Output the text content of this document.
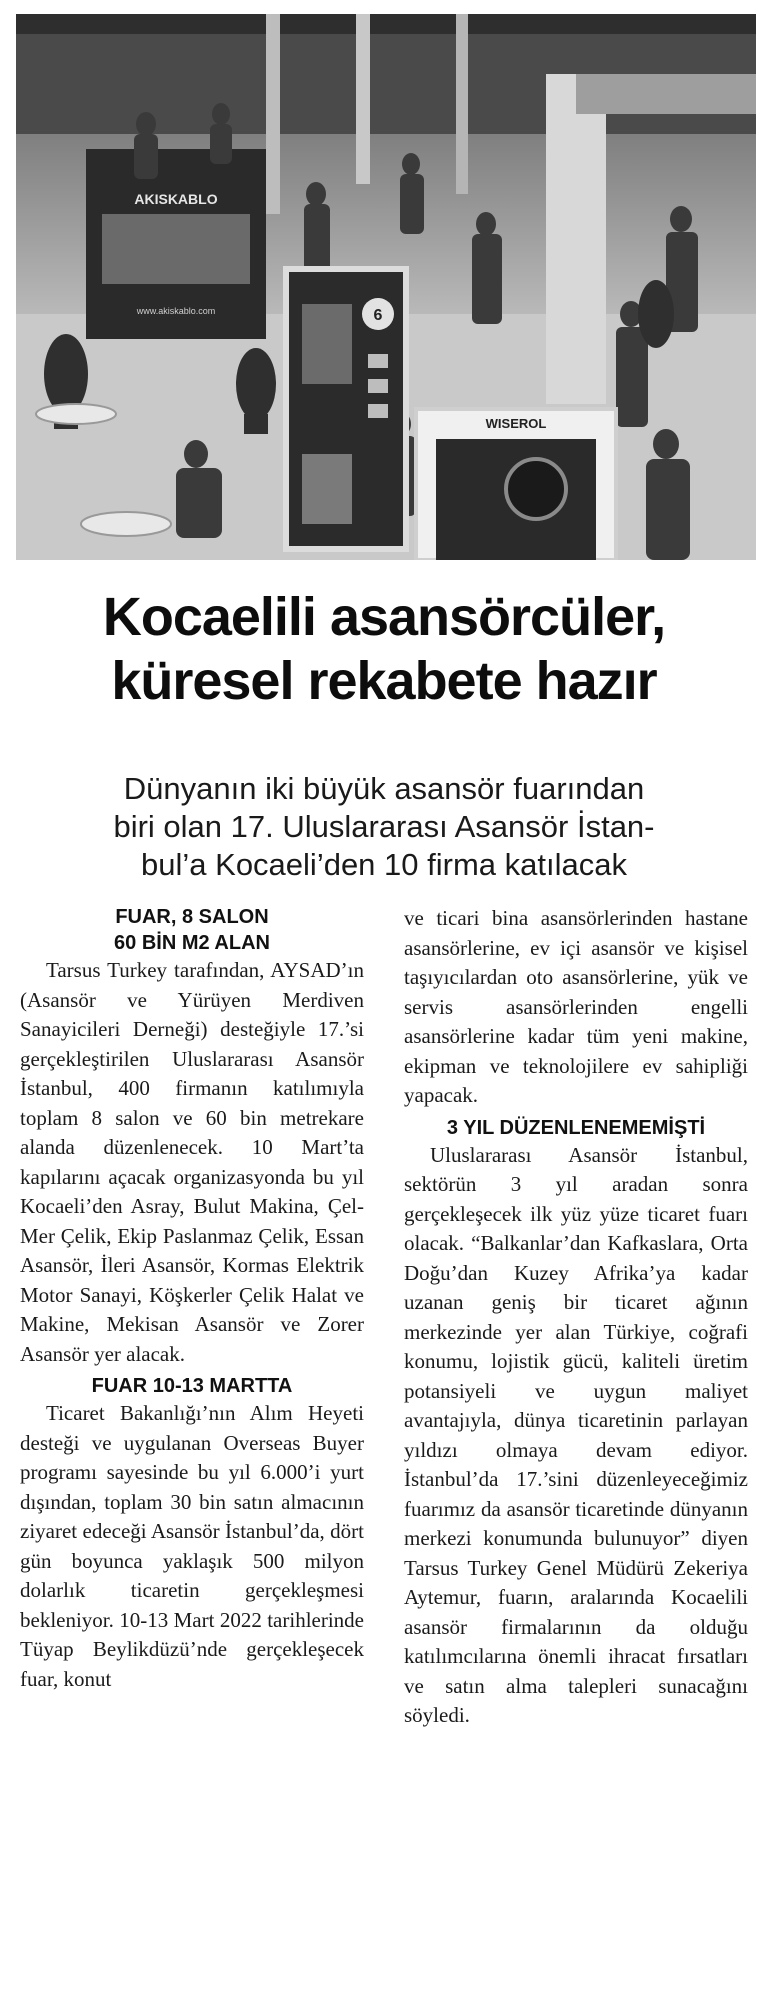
AKISKABLO
www.akiskablo.com	6
WISEROL
Kocaelili asansörcüler,
küresel rekabete hazır
Dünyanın iki büyük asansör fuarından
biri olan 17. Uluslararası Asansör İstan-
bul’a Kocaeli’den 10 firma katılacak

FUAR, 8 SALON
60 BİN M2 ALAN

Tarsus Turkey tarafından, AYSAD’ın (Asansör ve Yürüyen Merdiven Sanayicileri Derneği) desteğiyle 17.’si gerçekleştirilen Uluslararası Asansör İstanbul, 400 firmanın katılımıyla toplam 8 salon ve 60 bin metrekare alanda düzenlenecek. 10 Mart’ta kapılarını açacak organizasyonda bu yıl Kocaeli’den Asray, Bulut Makina, Çel-Mer Çelik, Ekip Paslanmaz Çelik, Essan Asansör, İleri Asansör, Kormas Elektrik Motor Sanayi, Köşkerler Çelik Halat ve Makine, Mekisan Asansör ve Zorer Asansör yer alacak.

FUAR 10-13 MARTTA

Ticaret Bakanlığı’nın Alım Heyeti desteği ve uygulanan Overseas Buyer programı sayesinde bu yıl 6.000’i yurt dışından, toplam 30 bin satın almacının ziyaret edeceği Asansör İstanbul’da, dört gün boyunca yaklaşık 500 milyon dolarlık ticaretin gerçekleşmesi bekleniyor. 10-13 Mart 2022 tarihlerinde Tüyap Beylikdüzü’nde gerçekleşecek fuar, konut

ve ticari bina asansörlerinden hastane asansörlerine, ev içi asansör ve kişisel taşıyıcılardan oto asansörlerine, yük ve servis asansörlerinden engelli asansörlerine kadar tüm yeni makine, ekipman ve teknolojilere ev sahipliği yapacak.

3 YIL DÜZENLENEMEMİŞTİ

Uluslararası Asansör İstanbul, sektörün 3 yıl aradan sonra gerçekleşecek ilk yüz yüze ticaret fuarı olacak. “Balkanlar’dan Kafkaslara, Orta Doğu’dan Kuzey Afrika’ya kadar uzanan geniş bir ticaret ağının merkezinde yer alan Türkiye, coğrafi konumu, lojistik gücü, kaliteli üretim potansiyeli ve uygun maliyet avantajıyla, dünya ticaretinin parlayan yıldızı olmaya devam ediyor. İstanbul’da 17.’sini düzenleyeceğimiz fuarımız da asansör ticaretinde dünyanın merkezi konumunda bulunuyor” diyen Tarsus Turkey Genel Müdürü Zekeriya Aytemur, fuarın, aralarında Kocaelili asansör firmalarının da olduğu katılımcılarına önemli ihracat fırsatları ve satın alma talepleri sunacağını söyledi.
